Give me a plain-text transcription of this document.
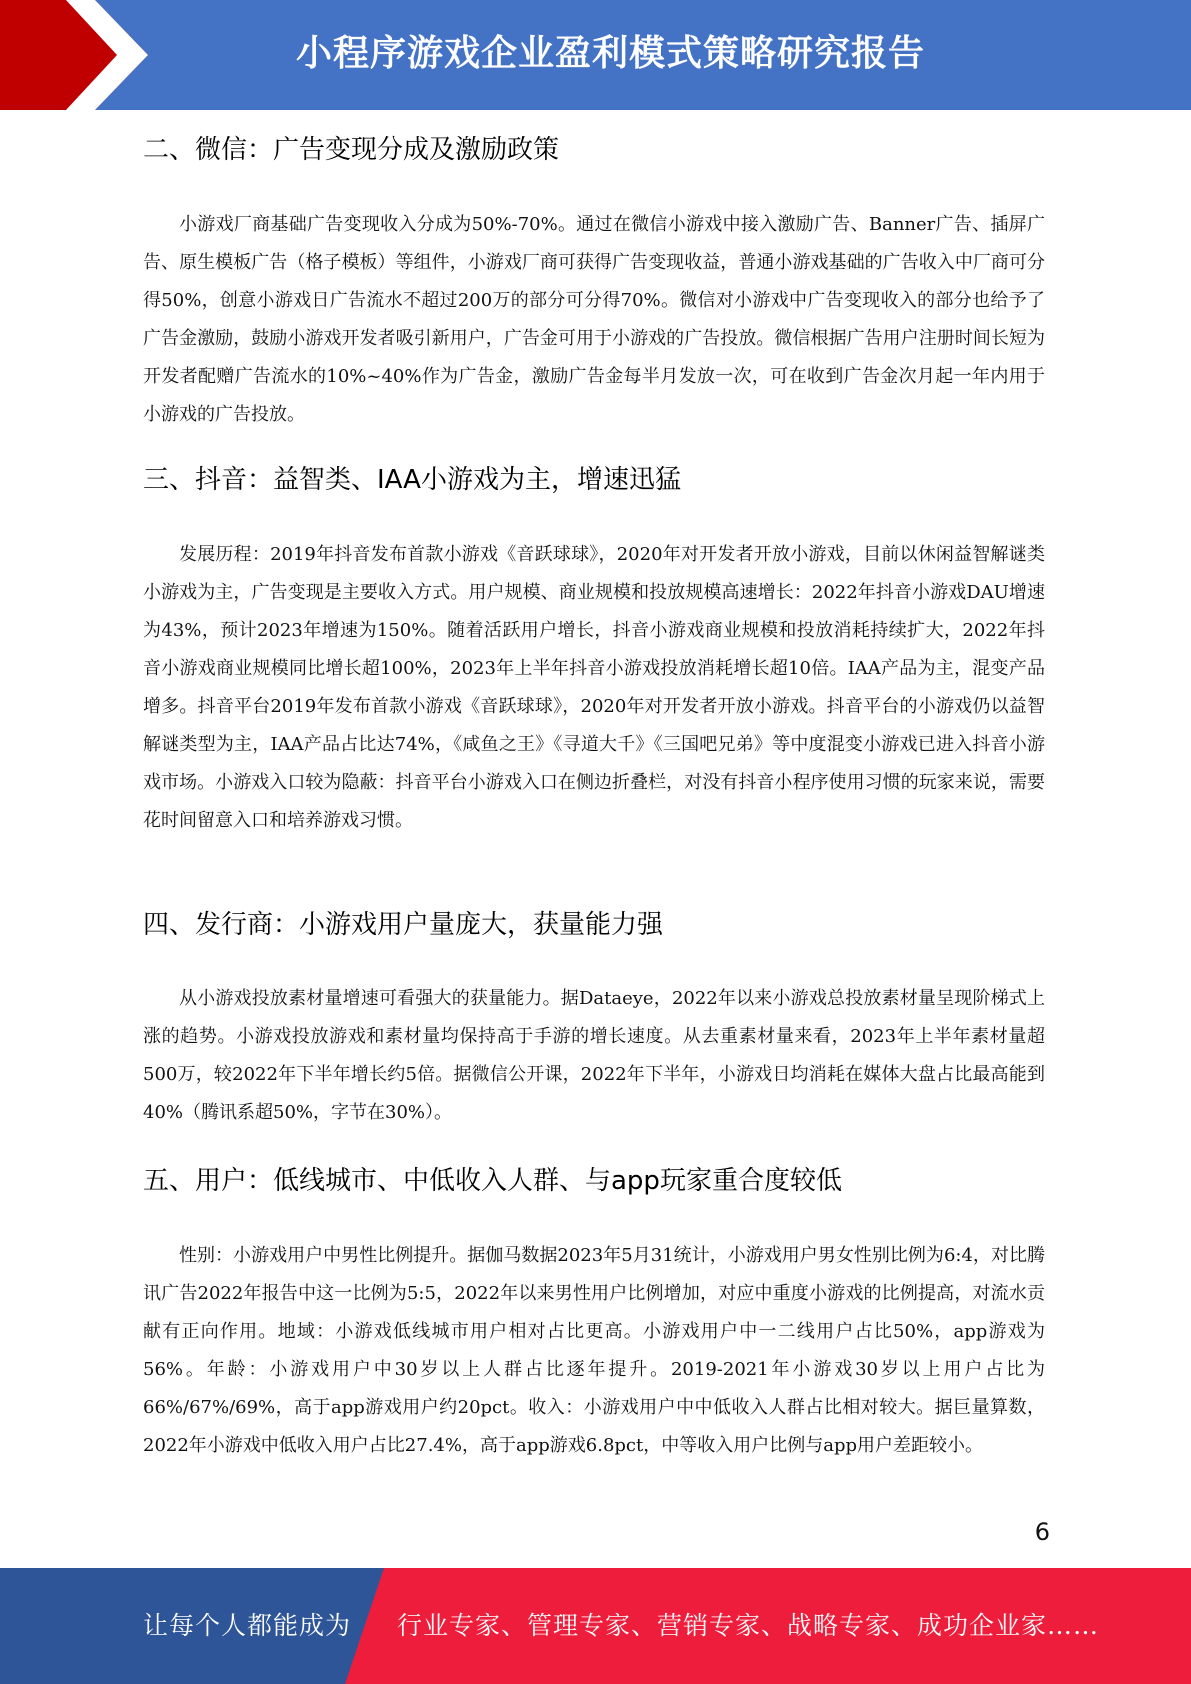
小程序游戏企业盈利模式策略研究报告
二、微信：广告变现分成及激励政策

小游戏厂商基础广告变现收入分成为50%-70%。通过在微信小游戏中接入激励广告、Banner广告、插屏广告、原生模板广告（格子模板）等组件，小游戏厂商可获得广告变现收益，普通小游戏基础的广告收入中厂商可分得50%，创意小游戏日广告流水不超过200万的部分可分得70%。微信对小游戏中广告变现收入的部分也给予了广告金激励，鼓励小游戏开发者吸引新用户，广告金可用于小游戏的广告投放。微信根据广告用户注册时间长短为开发者配赠广告流水的10%~40%作为广告金，激励广告金每半月发放一次，可在收到广告金次月起一年内用于小游戏的广告投放。

三、抖音：益智类、IAA小游戏为主，增速迅猛

发展历程：2019年抖音发布首款小游戏《音跃球球》，2020年对开发者开放小游戏，目前以休闲益智解谜类小游戏为主，广告变现是主要收入方式。用户规模、商业规模和投放规模高速增长：2022年抖音小游戏DAU增速为43%，预计2023年增速为150%。随着活跃用户增长，抖音小游戏商业规模和投放消耗持续扩大，2022年抖音小游戏商业规模同比增长超100%，2023年上半年抖音小游戏投放消耗增长超10倍。IAA产品为主，混变产品增多。抖音平台2019年发布首款小游戏《音跃球球》，2020年对开发者开放小游戏。抖音平台的小游戏仍以益智解谜类型为主，IAA产品占比达74%，《咸鱼之王》《寻道大千》《三国吧兄弟》等中度混变小游戏已进入抖音小游戏市场。小游戏入口较为隐蔽：抖音平台小游戏入口在侧边折叠栏，对没有抖音小程序使用习惯的玩家来说，需要花时间留意入口和培养游戏习惯。

四、发行商：小游戏用户量庞大，获量能力强

从小游戏投放素材量增速可看强大的获量能力。据Dataeye，2022年以来小游戏总投放素材量呈现阶梯式上涨的趋势。小游戏投放游戏和素材量均保持高于手游的增长速度。从去重素材量来看，2023年上半年素材量超500万，较2022年下半年增长约5倍。据微信公开课，2022年下半年，小游戏日均消耗在媒体大盘占比最高能到40%（腾讯系超50%，字节在30%）。

五、用户：低线城市、中低收入人群、与app玩家重合度较低

性别：小游戏用户中男性比例提升。据伽马数据2023年5月31统计，小游戏用户男女性别比例为6:4，对比腾讯广告2022年报告中这一比例为5:5，2022年以来男性用户比例增加，对应中重度小游戏的比例提高，对流水贡献有正向作用。地域：小游戏低线城市用户相对占比更高。小游戏用户中一二线用户占比50%，app游戏为56%。年龄：小游戏用户中30岁以上人群占比逐年提升。2019-2021年小游戏30岁以上用户占比为66%/67%/69%，高于app游戏用户约20pct。收入：小游戏用户中中低收入人群占比相对较大。据巨量算数，2022年小游戏中低收入用户占比27.4%，高于app游戏6.8pct，中等收入用户比例与app用户差距较小。

6
让每个人都能成为 行业专家、管理专家、营销专家、战略专家、成功企业家……
